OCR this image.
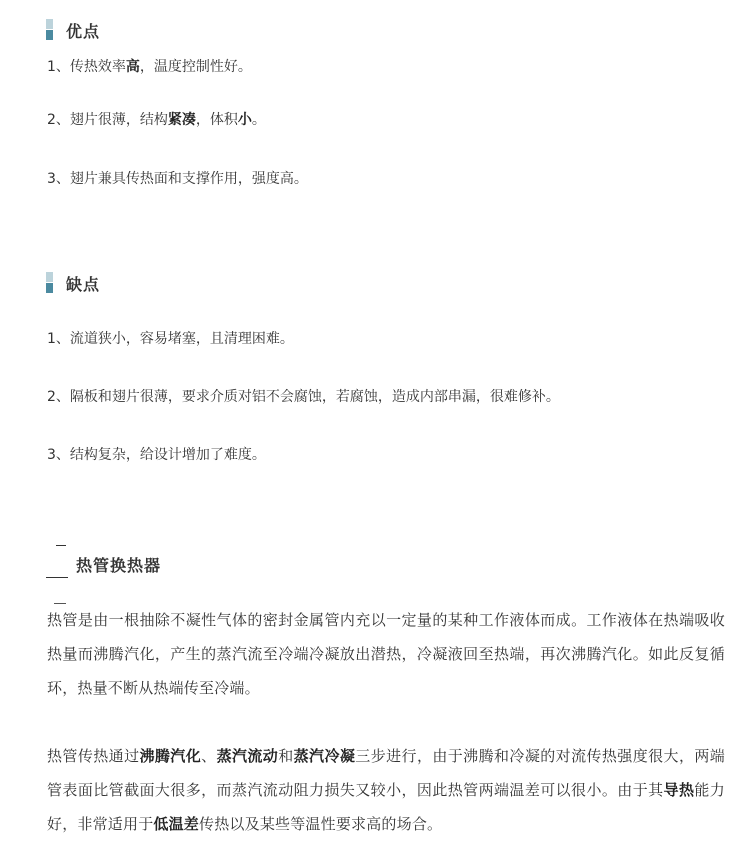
优点
1、传热效率高，温度控制性好。
2、翅片很薄，结构紧凑，体积小。
3、翅片兼具传热面和支撑作用，强度高。
缺点
1、流道狭小，容易堵塞，且清理困难。
2、隔板和翅片很薄，要求介质对铝不会腐蚀，若腐蚀，造成内部串漏，很难修补。
3、结构复杂，给设计增加了难度。
热管换热器
热管是由一根抽除不凝性气体的密封金属管内充以一定量的某种工作液体而成。工作液体在热端吸收热量而沸腾汽化，产生的蒸汽流至冷端冷凝放出潜热，冷凝液回至热端，再次沸腾汽化。如此反复循环，热量不断从热端传至冷端。
热管传热通过沸腾汽化、蒸汽流动和蒸汽冷凝三步进行，由于沸腾和冷凝的对流传热强度很大，两端管表面比管截面大很多，而蒸汽流动阻力损失又较小，因此热管两端温差可以很小。由于其导热能力好，非常适用于低温差传热以及某些等温性要求高的场合。
